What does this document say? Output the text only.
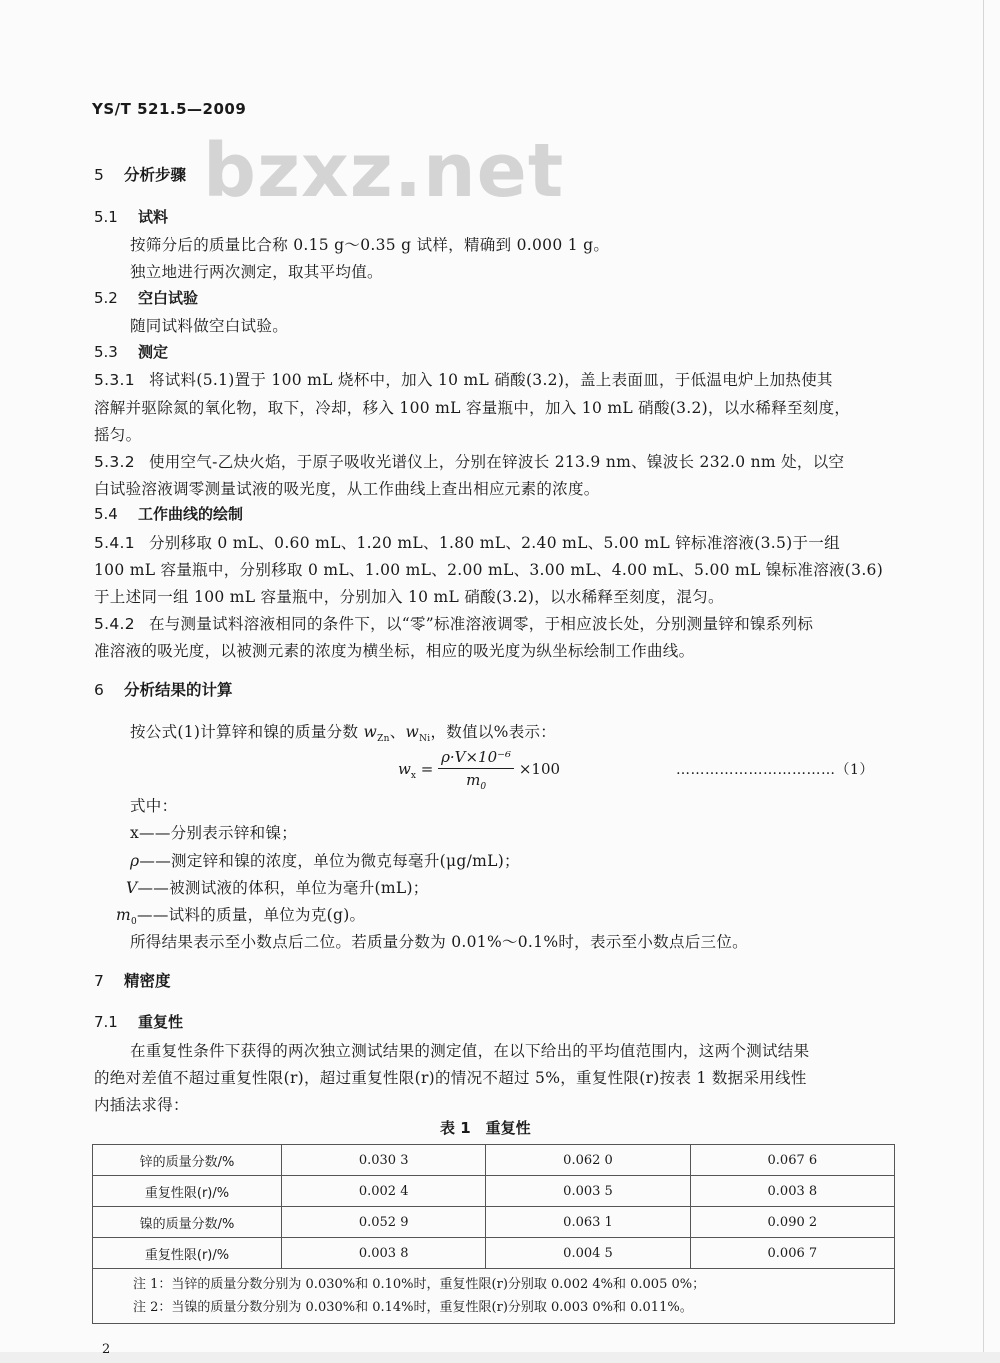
YS/T 521.5—2009
bzxz.net
5 分析步骤
5.1 试料
按筛分后的质量比合称 0.15 g～0.35 g 试样，精确到 0.000 1 g。
独立地进行两次测定，取其平均值。
5.2 空白试验
随同试料做空白试验。
5.3 测定
5.3.1 将试料(5.1)置于 100 mL 烧杯中，加入 10 mL 硝酸(3.2)，盖上表面皿，于低温电炉上加热使其
溶解并驱除氮的氧化物，取下，冷却，移入 100 mL 容量瓶中，加入 10 mL 硝酸(3.2)，以水稀释至刻度，
摇匀。
5.3.2 使用空气-乙炔火焰，于原子吸收光谱仪上，分别在锌波长 213.9 nm、镍波长 232.0 nm 处，以空
白试验溶液调零测量试液的吸光度，从工作曲线上查出相应元素的浓度。
5.4 工作曲线的绘制
5.4.1 分别移取 0 mL、0.60 mL、1.20 mL、1.80 mL、2.40 mL、5.00 mL 锌标准溶液(3.5)于一组
100 mL 容量瓶中，分别移取 0 mL、1.00 mL、2.00 mL、3.00 mL、4.00 mL、5.00 mL 镍标准溶液(3.6)
于上述同一组 100 mL 容量瓶中，分别加入 10 mL 硝酸(3.2)，以水稀释至刻度，混匀。
5.4.2 在与测量试料溶液相同的条件下，以“零”标准溶液调零，于相应波长处，分别测量锌和镍系列标
准溶液的吸光度，以被测元素的浓度为横坐标，相应的吸光度为纵坐标绘制工作曲线。
6 分析结果的计算
按公式(1)计算锌和镍的质量分数 $w_{Zn}$、$w_{Ni}$，数值以%表示：
$w_x = \frac{\text{ρ·V×10⁻⁶}}{m_0} \times 100$	……………………………（1）
式中：
x——分别表示锌和镍；
ρ——测定锌和镍的浓度，单位为微克每毫升(μg/mL)；
V——被测试液的体积，单位为毫升(mL)；
$m_0——$试料的质量，单位为克(g)。
所得结果表示至小数点后二位。若质量分数为 0.01%～0.1%时，表示至小数点后三位。
7 精密度
7.1 重复性
在重复性条件下获得的两次独立测试结果的测定值，在以下给出的平均值范围内，这两个测试结果
的绝对差值不超过重复性限(r)，超过重复性限(r)的情况不超过 5%，重复性限(r)按表 1 数据采用线性
内插法求得：
表 1　重复性
锌的质量分数/%	0.030 3	0.062 0	0.067 6
重复性限(r)/%	0.002 4	0.003 5	0.003 8
镍的质量分数/%	0.052 9	0.063 1	0.090 2
重复性限(r)/%	0.003 8	0.004 5	0.006 7

注 1：当锌的质量分数分别为 0.030%和 0.10%时，重复性限(r)分别取 0.002 4%和 0.005 0%；
注 2：当镍的质量分数分别为 0.030%和 0.14%时，重复性限(r)分别取 0.003 0%和 0.011%。			
2
